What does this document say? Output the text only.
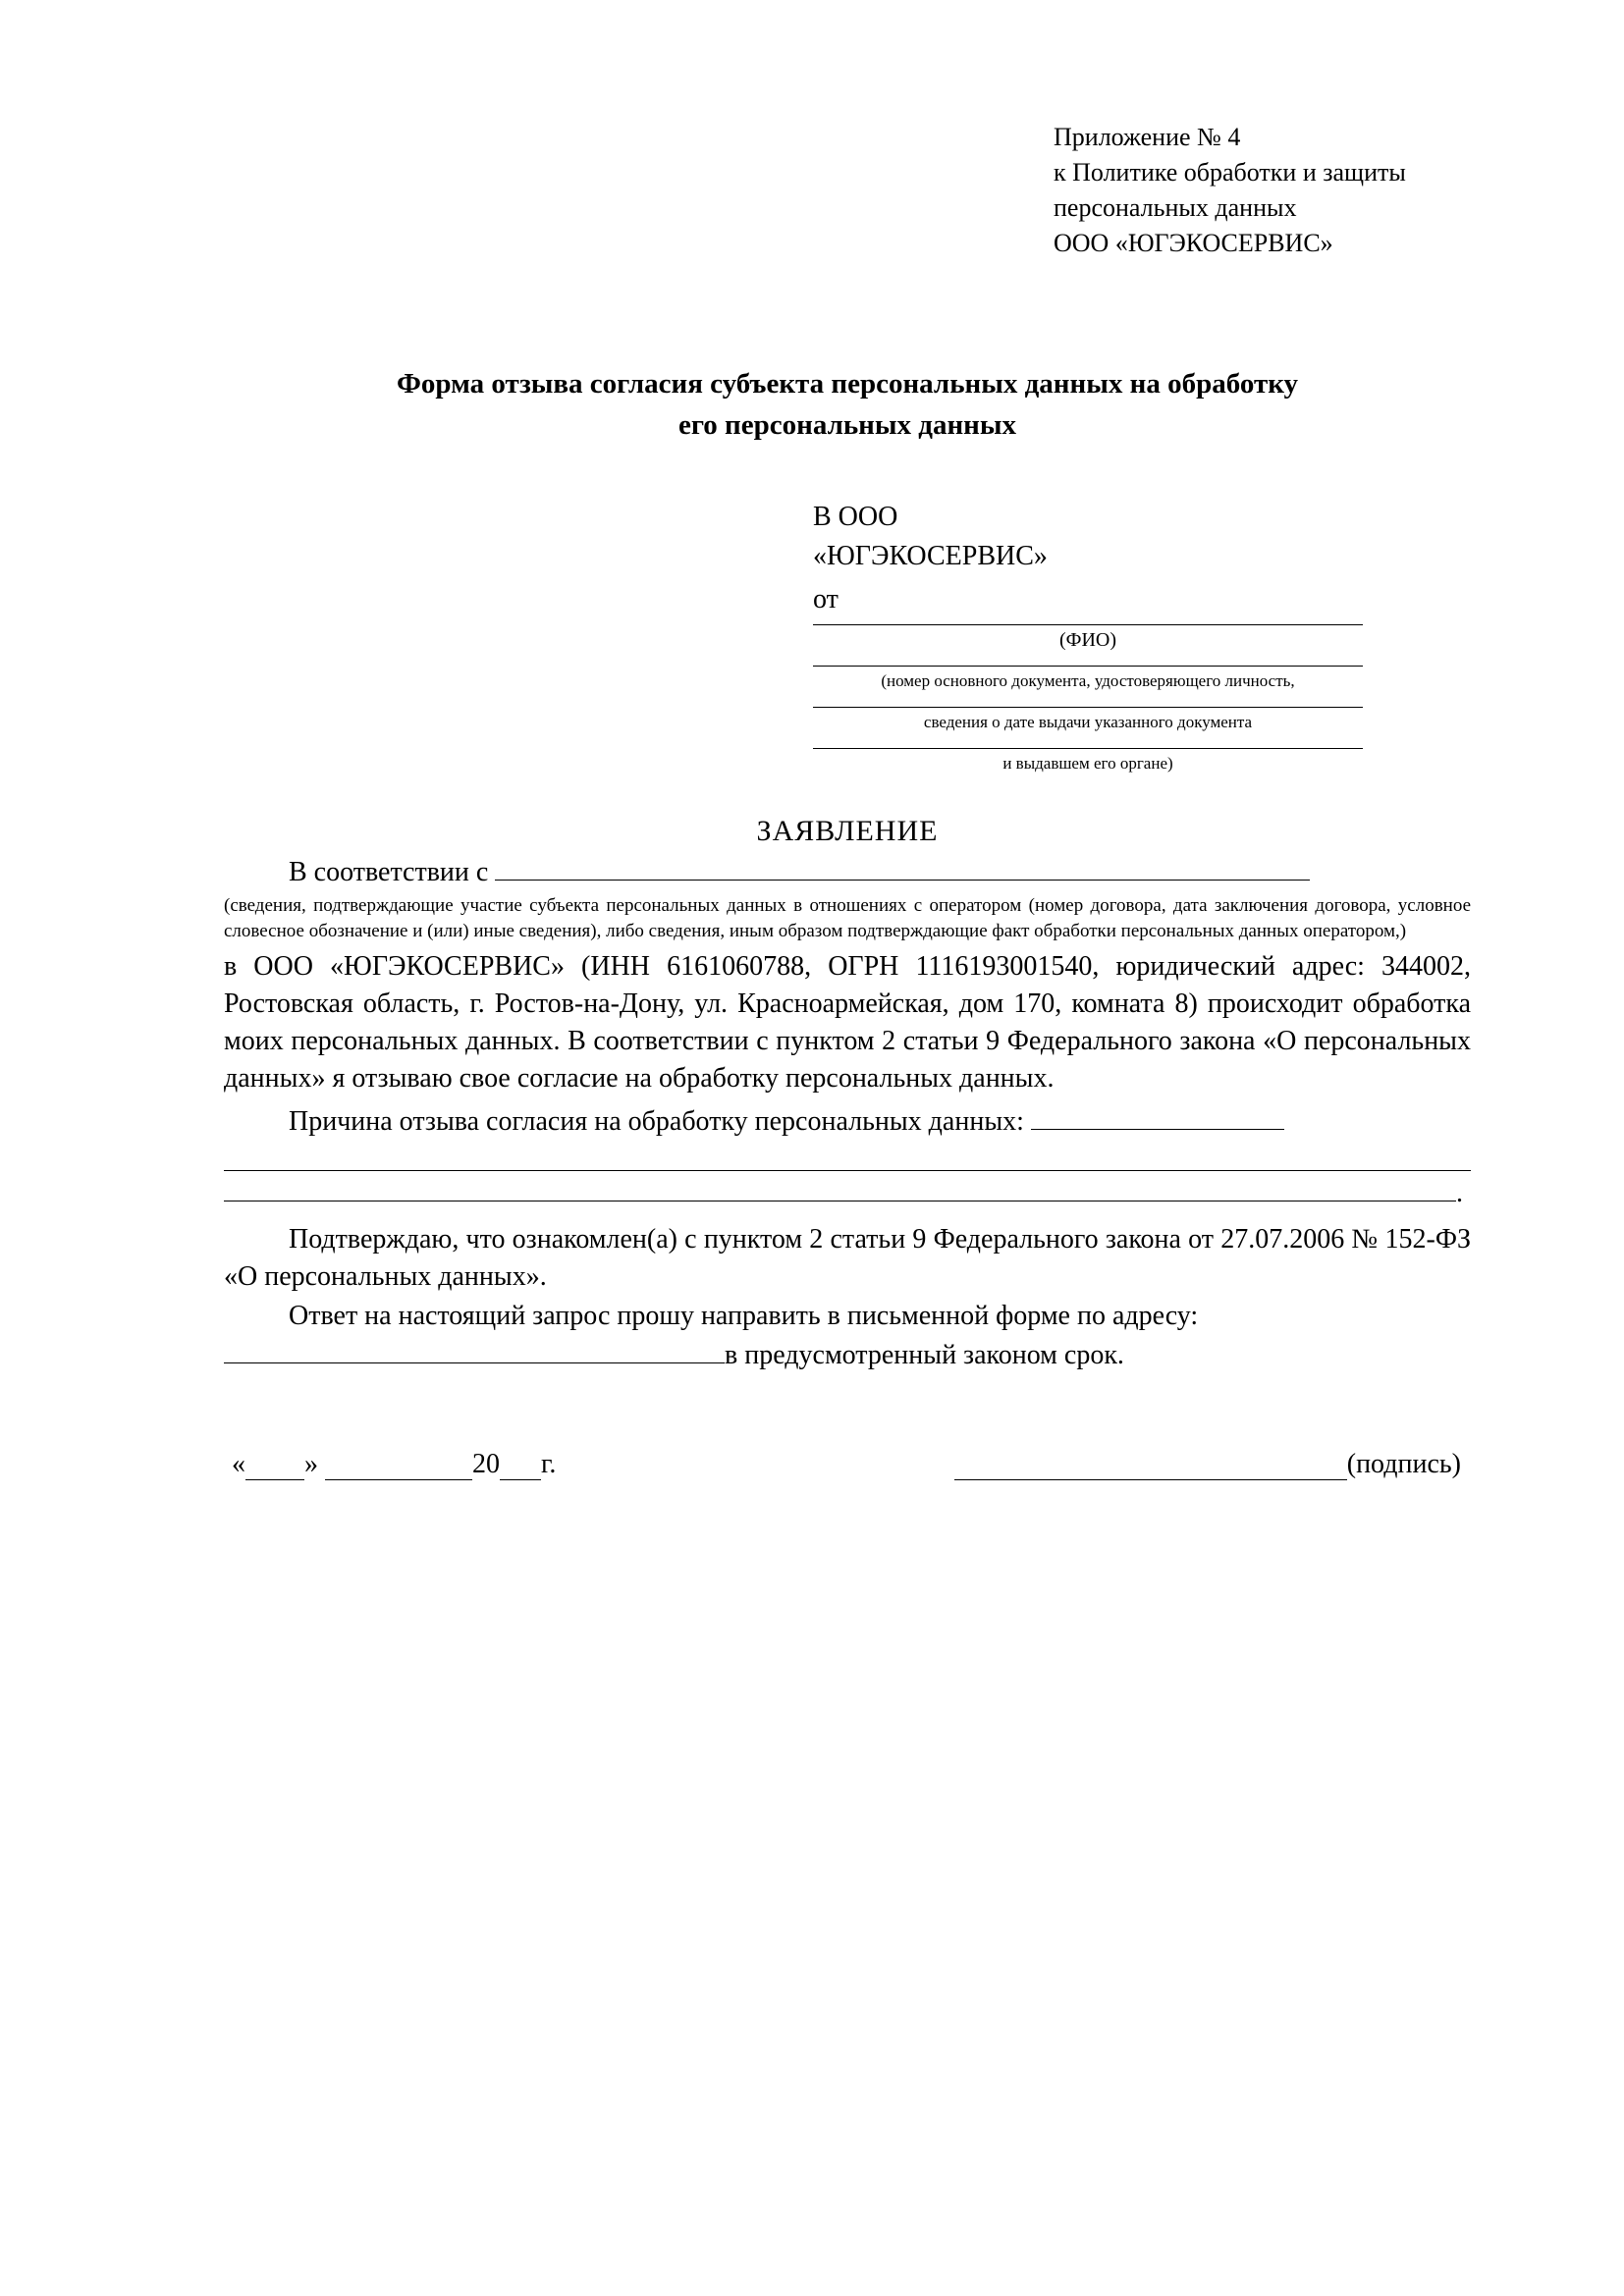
Приложение № 4
к Политике обработки и защиты
персональных данных
ООО «ЮГЭКОСЕРВИС»
Форма отзыва согласия субъекта персональных данных на обработку
его персональных данных
В ООО
«ЮГЭКОСЕРВИС»
от
(ФИО)
(номер основного документа, удостоверяющего личность,
сведения о дате выдачи указанного документа
и выдавшем его органе)
ЗАЯВЛЕНИЕ
В соответствии с
(сведения, подтверждающие участие субъекта персональных данных в отношениях с оператором (номер договора, дата заключения договора, условное словесное обозначение и (или) иные сведения), либо сведения, иным образом подтверждающие факт обработки персональных данных оператором,)
в ООО «ЮГЭКОСЕРВИС» (ИНН 6161060788, ОГРН 1116193001540, юридический адрес: 344002, Ростовская область, г. Ростов-на-Дону, ул. Красноармейская, дом 170, комната 8) происходит обработка моих персональных данных. В соответствии с пунктом 2 статьи 9 Федерального закона «О персональных данных» я отзываю свое согласие на обработку персональных данных.
Причина отзыва согласия на обработку персональных данных:
.
Подтверждаю, что ознакомлен(а) с пунктом 2 статьи 9 Федерального закона от 27.07.2006 № 152-ФЗ «О персональных данных».
Ответ на настоящий запрос прошу направить в письменной форме по адресу:
в предусмотренный законом срок.
« »	20 г.	(подпись)
